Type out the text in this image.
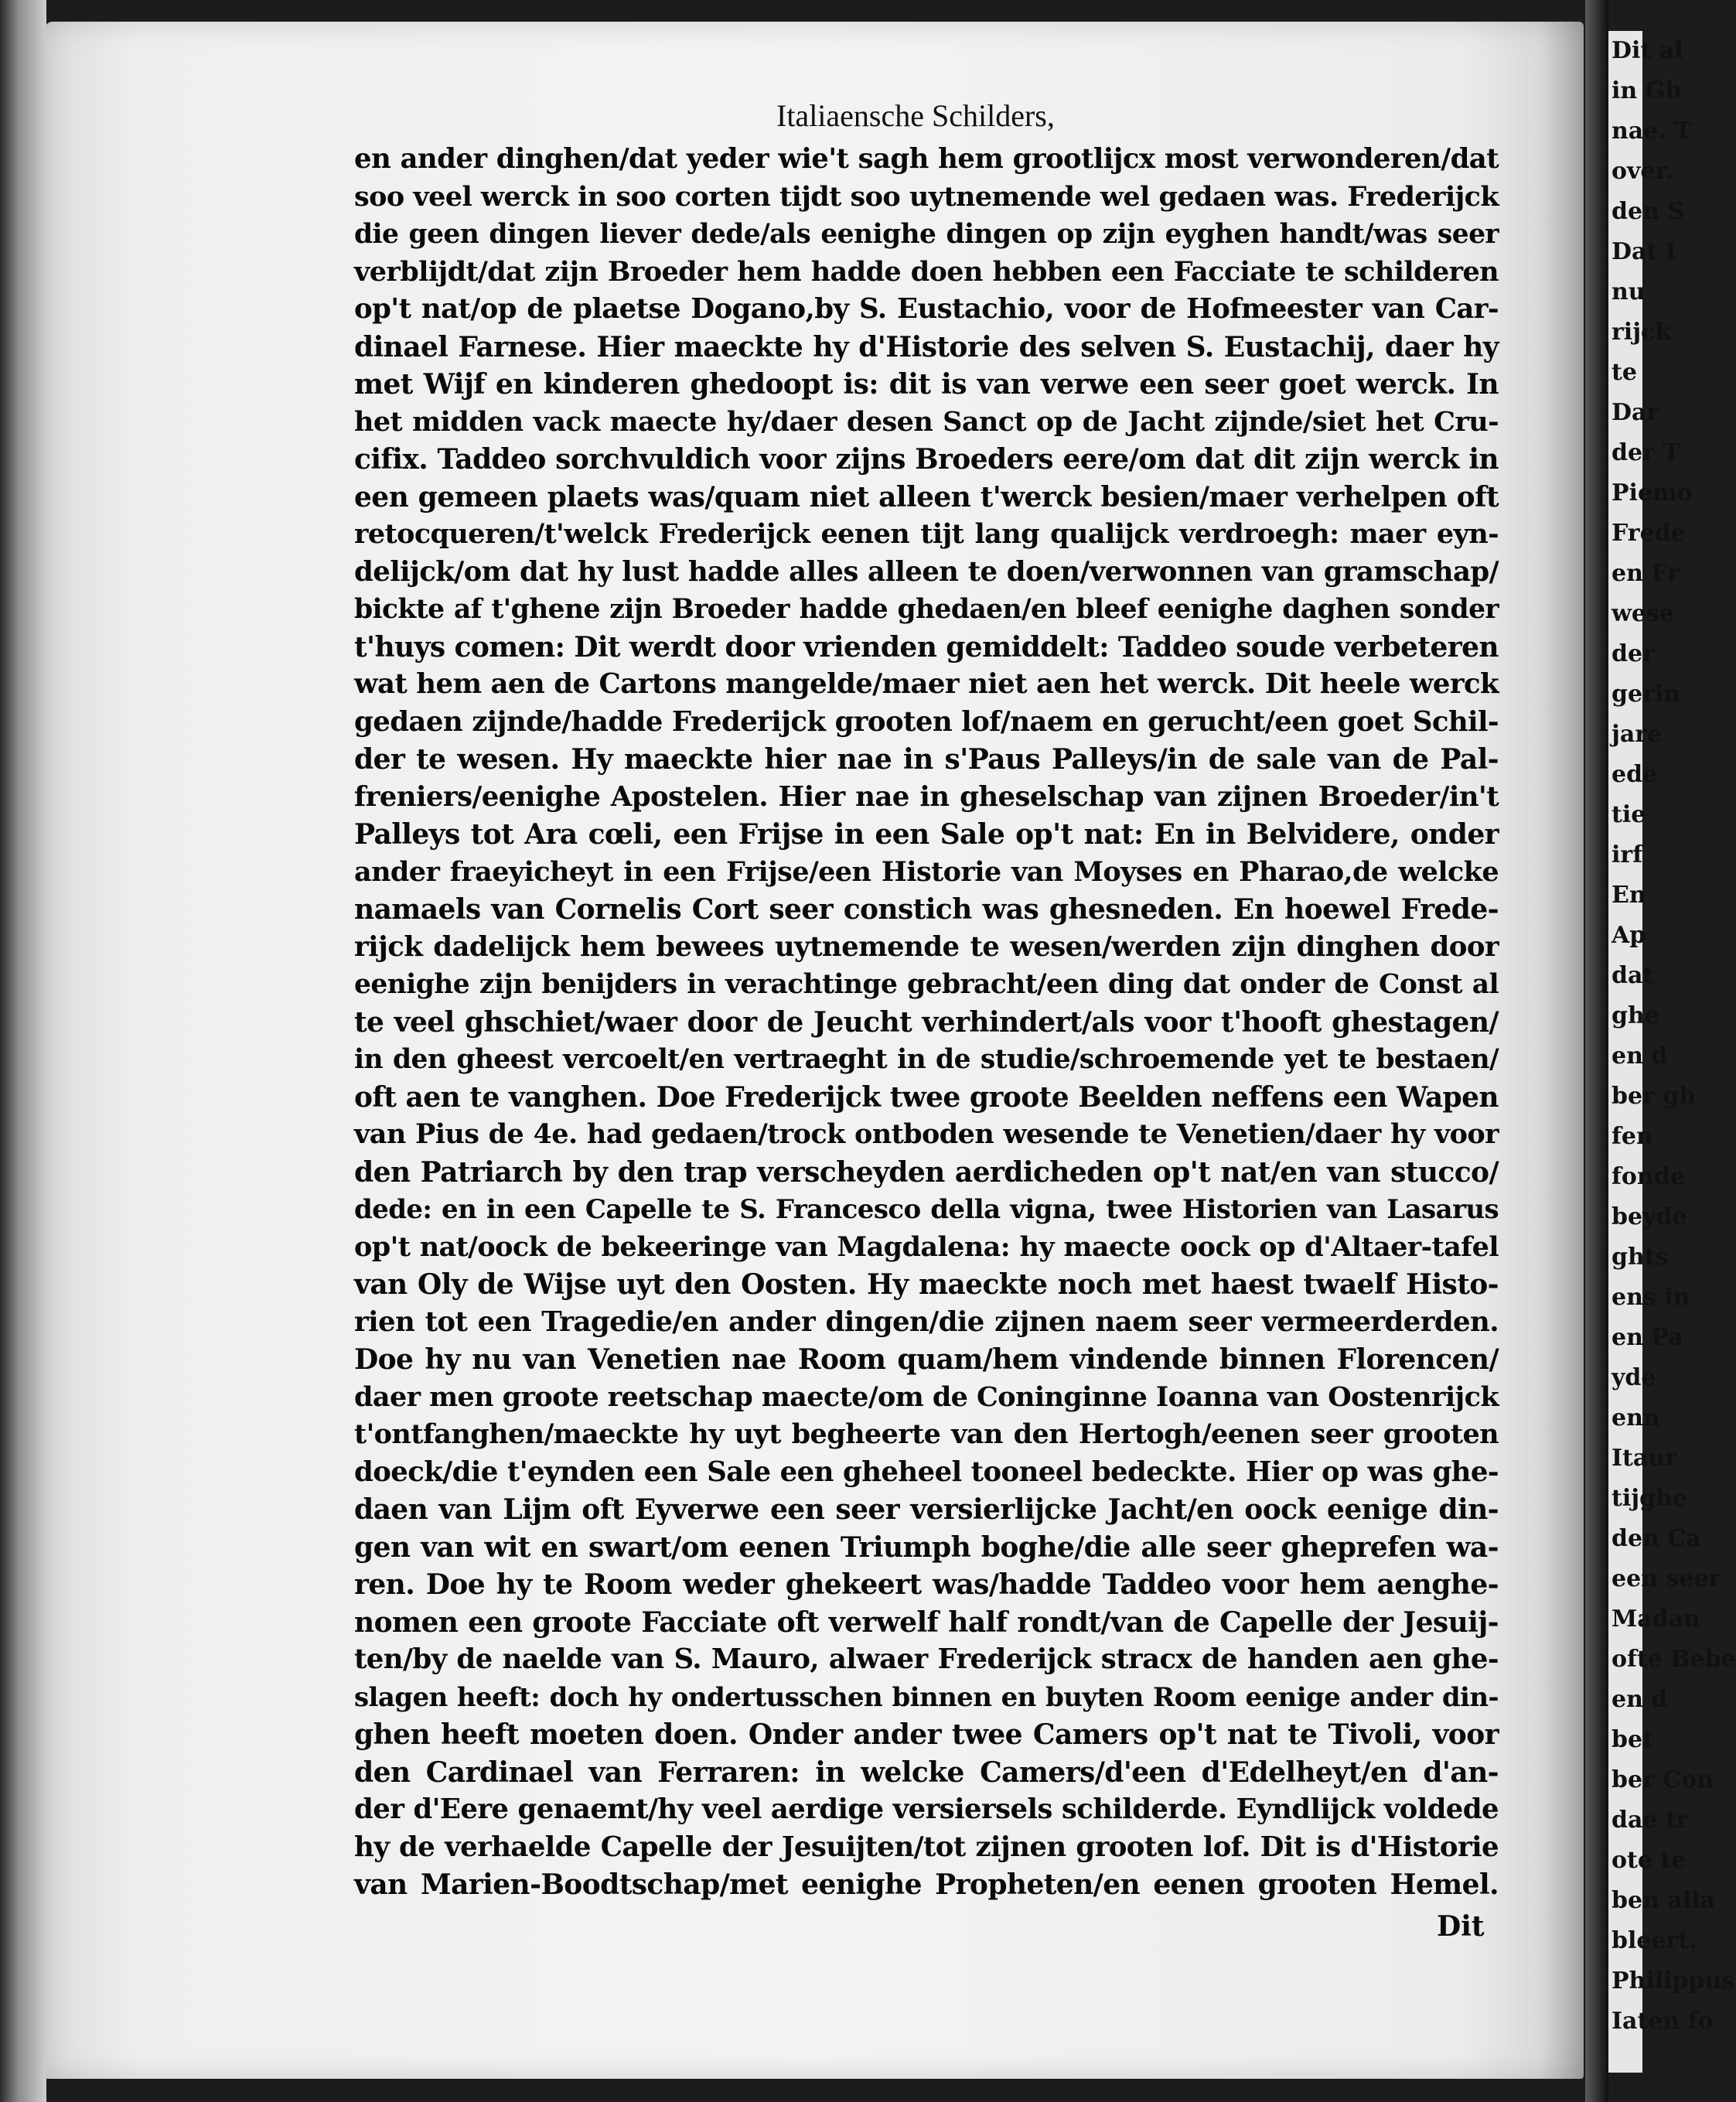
Italiaensche Schilders,
en ander dinghen/dat yeder wie't sagh hem grootlijcx most verwonderen/dat
soo veel werck in soo corten tijdt soo uytnemende wel gedaen was. Frederijck
die geen dingen liever dede/als eenighe dingen op zijn eyghen handt/was seer
verblijdt/dat zijn Broeder hem hadde doen hebben een Facciate te schilderen
op't nat/op de plaetse Dogano,by S. Eustachio, voor de Hofmeester van Car-
dinael Farnese. Hier maeckte hy d'Historie des selven S. Eustachij, daer hy
met Wijf en kinderen ghedoopt is: dit is van verwe een seer goet werck. In
het midden vack maecte hy/daer desen Sanct op de Jacht zijnde/siet het Cru-
cifix. Taddeo sorchvuldich voor zijns Broeders eere/om dat dit zijn werck in
een gemeen plaets was/quam niet alleen t'werck besien/maer verhelpen oft
retocqueren/t'welck Frederijck eenen tijt lang qualijck verdroegh: maer eyn-
delijck/om dat hy lust hadde alles alleen te doen/verwonnen van gramschap/
bickte af t'ghene zijn Broeder hadde ghedaen/en bleef eenighe daghen sonder
t'huys comen: Dit werdt door vrienden gemiddelt: Taddeo soude verbeteren
wat hem aen de Cartons mangelde/maer niet aen het werck. Dit heele werck
gedaen zijnde/hadde Frederijck grooten lof/naem en gerucht/een goet Schil-
der te wesen. Hy maeckte hier nae in s'Paus Palleys/in de sale van de Pal-
freniers/eenighe Apostelen. Hier nae in gheselschap van zijnen Broeder/in't
Palleys tot Ara cœli, een Frijse in een Sale op't nat: En in Belvidere, onder
ander fraeyicheyt in een Frijse/een Historie van Moyses en Pharao,de welcke
namaels van Cornelis Cort seer constich was ghesneden. En hoewel Frede-
rijck dadelijck hem bewees uytnemende te wesen/werden zijn dinghen door
eenighe zijn benijders in verachtinge gebracht/een ding dat onder de Const al
te veel ghschiet/waer door de Jeucht verhindert/als voor t'hooft ghestagen/
in den gheest vercoelt/en vertraeght in de studie/schroemende yet te bestaen/
oft aen te vanghen. Doe Frederijck twee groote Beelden neffens een Wapen
van Pius de 4e. had gedaen/trock ontboden wesende te Venetien/daer hy voor
den Patriarch by den trap verscheyden aerdicheden op't nat/en van stucco/
dede: en in een Capelle te S. Francesco della vigna, twee Historien van Lasarus
op't nat/oock de bekeeringe van Magdalena: hy maecte oock op d'Altaer-tafel
van Oly de Wijse uyt den Oosten. Hy maeckte noch met haest twaelf Histo-
rien tot een Tragedie/en ander dingen/die zijnen naem seer vermeerderden.
Doe hy nu van Venetien nae Room quam/hem vindende binnen Florencen/
daer men groote reetschap maecte/om de Coninginne Ioanna van Oostenrijck
t'ontfanghen/maeckte hy uyt begheerte van den Hertogh/eenen seer grooten
doeck/die t'eynden een Sale een gheheel tooneel bedeckte. Hier op was ghe-
daen van Lijm oft Eyverwe een seer versierlijcke Jacht/en oock eenige din-
gen van wit en swart/om eenen Triumph boghe/die alle seer gheprefen wa-
ren. Doe hy te Room weder ghekeert was/hadde Taddeo voor hem aenghe-
nomen een groote Facciate oft verwelf half rondt/van de Capelle der Jesuij-
ten/by de naelde van S. Mauro, alwaer Frederijck stracx de handen aen ghe-
slagen heeft: doch hy ondertusschen binnen en buyten Room eenige ander din-
ghen heeft moeten doen. Onder ander twee Camers op't nat te Tivoli, voor
den Cardinael van Ferraren: in welcke Camers/d'een d'Edelheyt/en d'an-
der d'Eere genaemt/hy veel aerdige versiersels schilderde. Eyndlijck voldede
hy de verhaelde Capelle der Jesuijten/tot zijnen grooten lof. Dit is d'Historie
van Marien-Boodtschap/met eenighe Propheten/en eenen grooten Hemel.
Dit
Dit al
in Gh
nae. T
over.
den S
Dat I
nu
rijck
te
Dar
der T
Piemo
Frede
en Fr
wese
der
gerin
jare
ede
tie
irf
En
Ap
dat
ghe
en d
ber gh
fen
fonde
beyde
ghts
ens in
en Pa
yde
enn
Itaur
tijghe
den Ca
een seer
Madan
ofte Bebe
en d
bet
ber Con
dae tr
ote te
ben alla
bleert.
Philippus
Iaten fo
